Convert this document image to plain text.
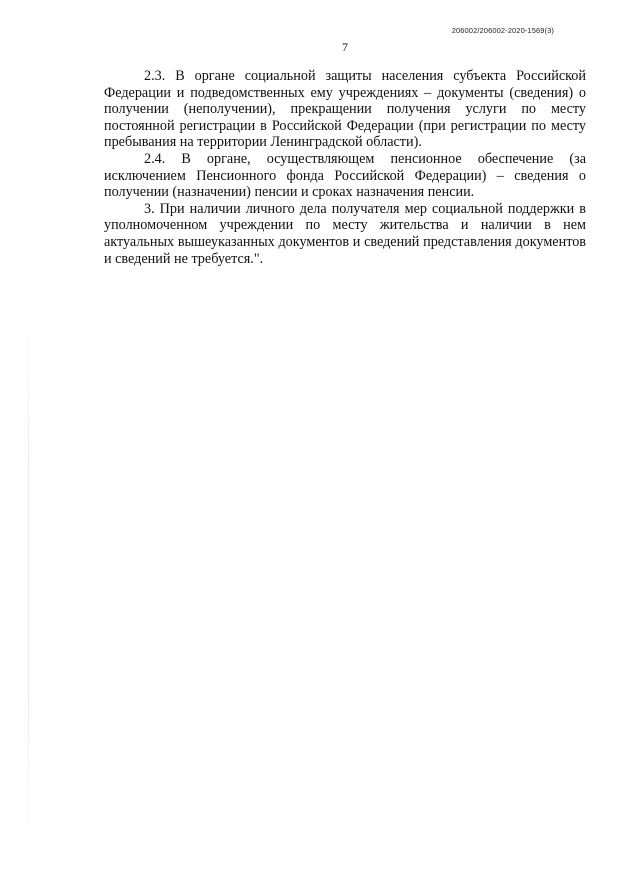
206002/206002-2020-1569(3)
7

2.3. В органе социальной защиты населения субъекта Российской Федерации и подведомственных ему учреждениях – документы (сведения) о получении (неполучении), прекращении получения услуги по месту постоянной регистрации в Российской Федерации (при регистрации по месту пребывания на территории Ленинградской области).

2.4. В органе, осуществляющем пенсионное обеспечение (за исключением Пенсионного фонда Российской Федерации) – сведения о получении (назначении) пенсии и сроках назначения пенсии.

3. При наличии личного дела получателя мер социальной поддержки в уполномоченном учреждении по месту жительства и наличии в нем актуальных вышеуказанных документов и сведений представления документов и сведений не требуется.".
